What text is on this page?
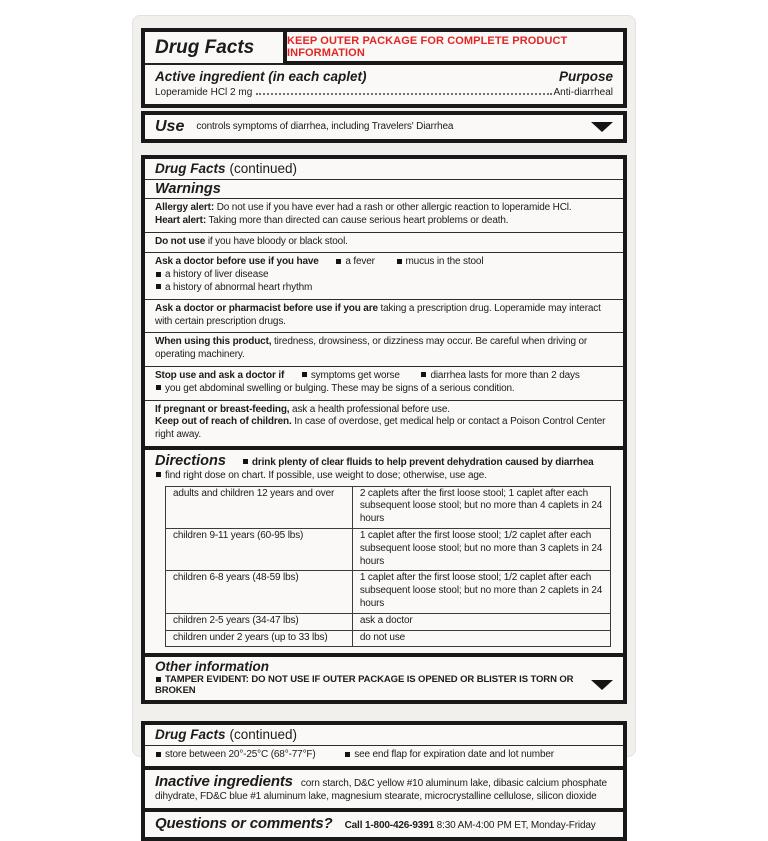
Drug Facts	KEEP OUTER PACKAGE FOR COMPLETE PRODUCT INFORMATION
Active ingredient (in each caplet)	Purpose
Loperamide HCl 2 mg	Anti-diarrheal
Use controls symptoms of diarrhea, including Travelers' Diarrhea
Drug Facts (continued)
Warnings
Allergy alert: Do not use if you have ever had a rash or other allergic reaction to loperamide HCl.
Heart alert: Taking more than directed can cause serious heart problems or death.
Do not use if you have bloody or black stool.
Ask a doctor before use if you have	a fever	mucus in the stool a history of liver disease
a history of abnormal heart rhythm
Ask a doctor or pharmacist before use if you are taking a prescription drug. Loperamide may interact with certain prescription drugs.
When using this product, tiredness, drowsiness, or dizziness may occur. Be careful when driving or operating machinery.
Stop use and ask a doctor if	symptoms get worse	diarrhea lasts for more than 2 days
you get abdominal swelling or bulging. These may be signs of a serious condition.
If pregnant or breast-feeding, ask a health professional before use.
Keep out of reach of children. In case of overdose, get medical help or contact a Poison Control Center right away.
Directions	drink plenty of clear fluids to help prevent dehydration caused by diarrhea
find right dose on chart. If possible, use weight to dose; otherwise, use age.
adults and children 12 years and over	2 caplets after the first loose stool; 1 caplet after each subsequent loose stool; but no more than 4 caplets in 24 hours
children 9-11 years (60-95 lbs)	1 caplet after the first loose stool; 1/2 caplet after each subsequent loose stool; but no more than 3 caplets in 24 hours
children 6-8 years (48-59 lbs)	1 caplet after the first loose stool; 1/2 caplet after each subsequent loose stool; but no more than 2 caplets in 24 hours
children 2-5 years (34-47 lbs)	ask a doctor
children under 2 years (up to 33 lbs)	do not use
Other information
TAMPER EVIDENT: DO NOT USE IF OUTER PACKAGE IS OPENED OR BLISTER IS TORN OR BROKEN
Drug Facts (continued)
store between 20°-25°C (68°-77°F)	see end flap for expiration date and lot number
Inactive ingredients corn starch, D&C yellow #10 aluminum lake, dibasic calcium phosphate dihydrate, FD&C blue #1 aluminum lake, magnesium stearate, microcrystalline cellulose, silicon dioxide
Questions or comments? Call 1-800-426-9391 8:30 AM-4:00 PM ET, Monday-Friday
